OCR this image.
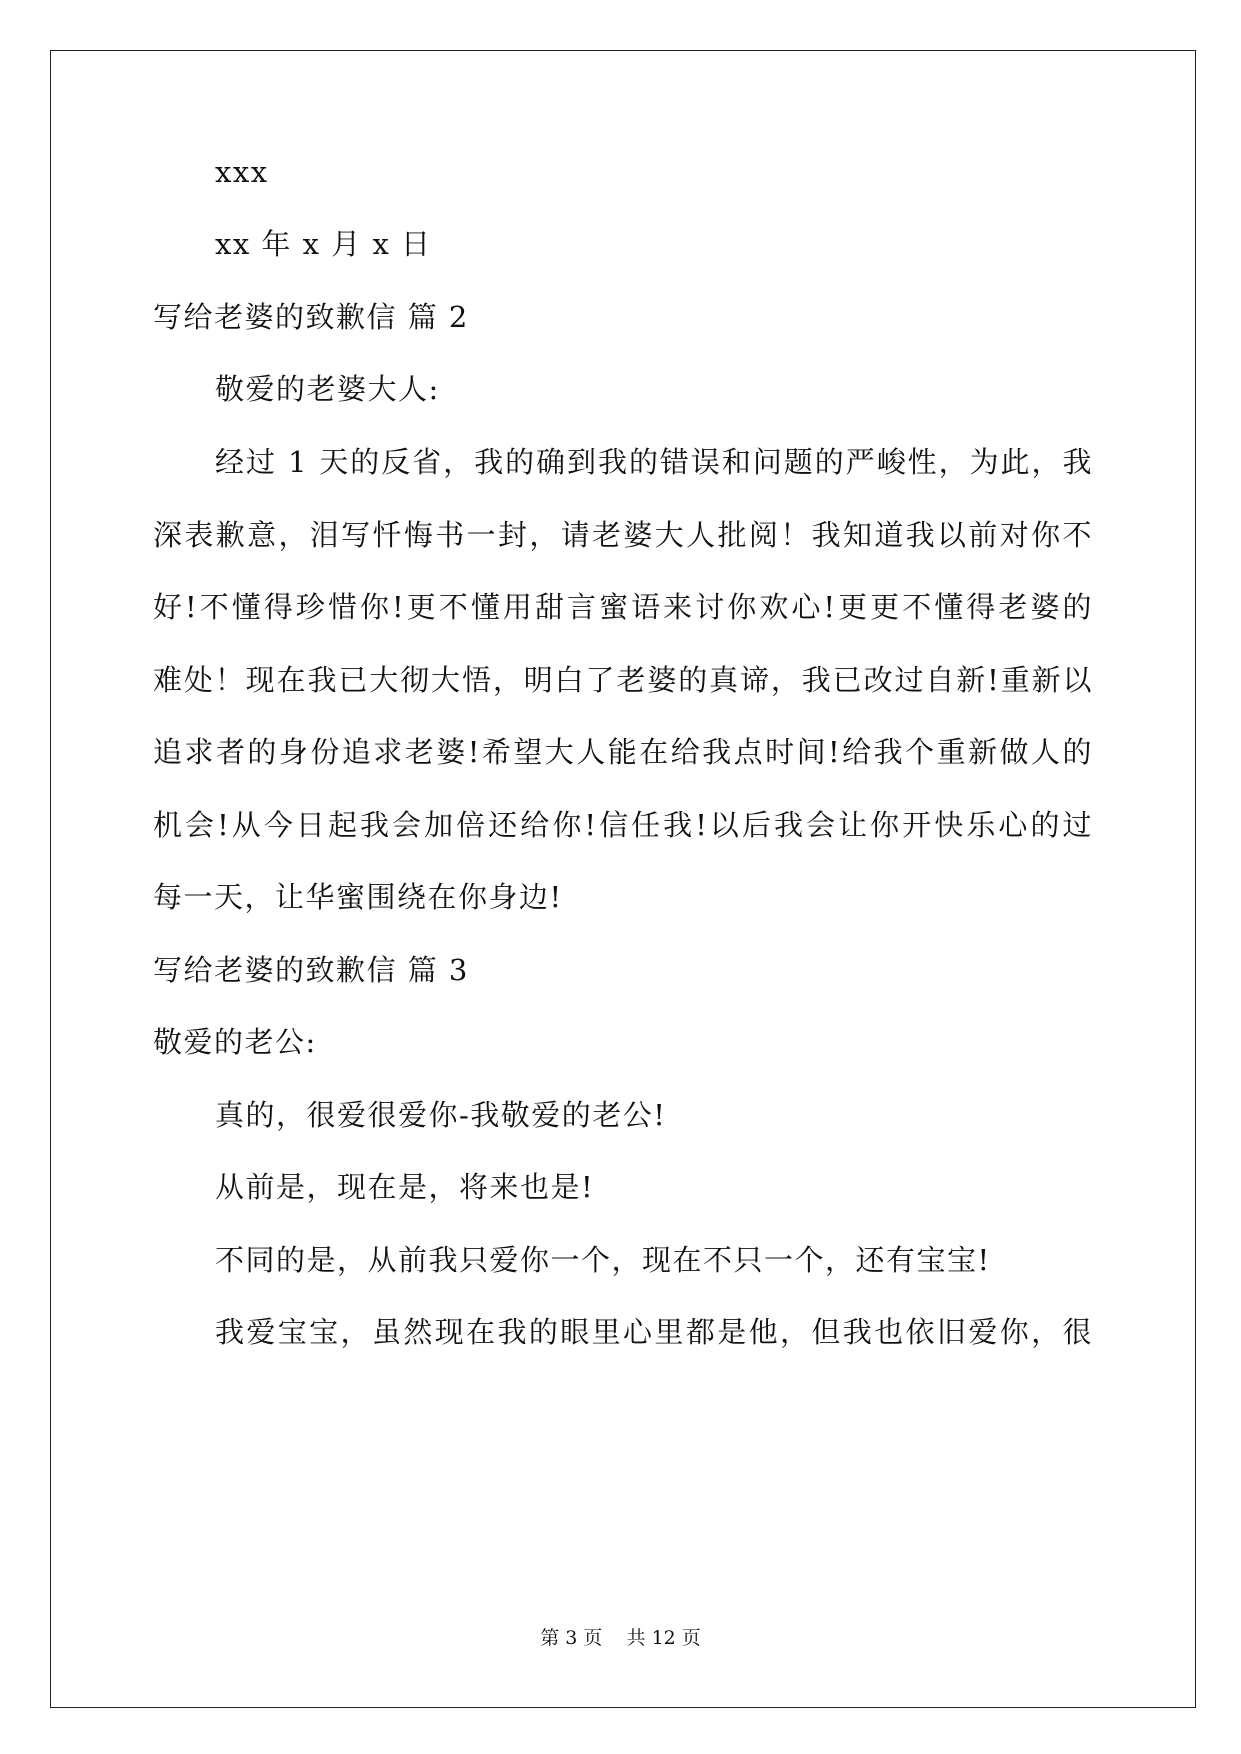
xxx
xx 年 x 月 x 日
写给老婆的致歉信 篇 2
敬爱的老婆大人:
经过 1 天的反省，我的确到我的错误和问题的严峻性，为此，我
深表歉意，泪写忏悔书一封，请老婆大人批阅！我知道我以前对你不
好!不懂得珍惜你!更不懂用甜言蜜语来讨你欢心!更更不懂得老婆的
难处！现在我已大彻大悟，明白了老婆的真谛，我已改过自新!重新以
追求者的身份追求老婆!希望大人能在给我点时间!给我个重新做人的
机会!从今日起我会加倍还给你!信任我!以后我会让你开快乐心的过
每一天，让华蜜围绕在你身边!
写给老婆的致歉信 篇 3
敬爱的老公:
真的，很爱很爱你-我敬爱的老公!
从前是，现在是，将来也是!
不同的是，从前我只爱你一个，现在不只一个，还有宝宝!
我爱宝宝，虽然现在我的眼里心里都是他，但我也依旧爱你，很
第 3 页    共 12 页
